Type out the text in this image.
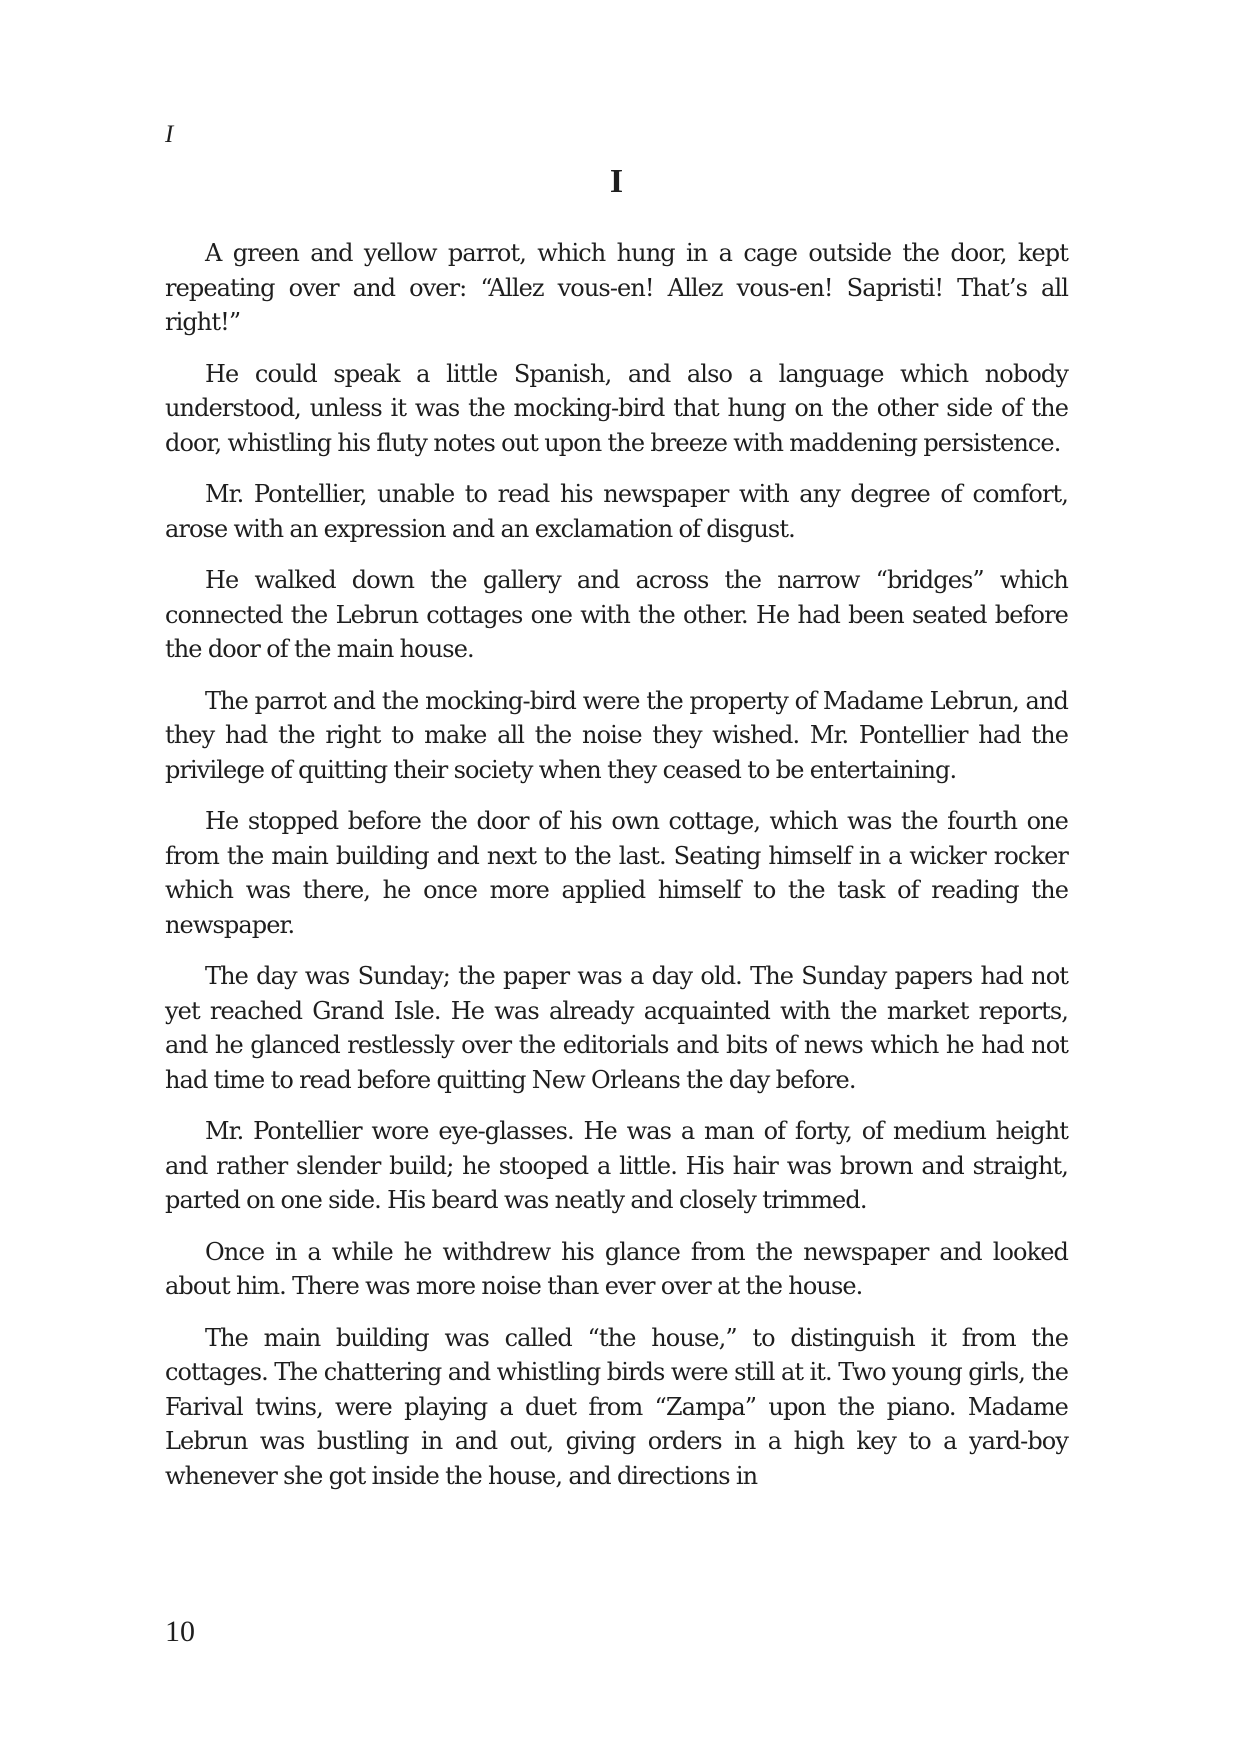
I
I

A green and yellow parrot, which hung in a cage outside the door, kept repeating over and over: “Allez vous-en! Allez vous-en! Sapristi! That’s all right!”

He could speak a little Spanish, and also a language which nobody understood, unless it was the mocking-bird that hung on the other side of the door, whistling his fluty notes out upon the breeze with maddening persistence.

Mr. Pontellier, unable to read his newspaper with any degree of comfort, arose with an expression and an exclamation of disgust.

He walked down the gallery and across the narrow “bridges” which connected the Lebrun cottages one with the other. He had been seated before the door of the main house.

The parrot and the mocking-bird were the property of Madame Lebrun, and they had the right to make all the noise they wished. Mr. Pontellier had the privilege of quitting their society when they ceased to be entertaining.

He stopped before the door of his own cottage, which was the fourth one from the main building and next to the last. Seating himself in a wicker rocker which was there, he once more applied himself to the task of reading the newspaper.

The day was Sunday; the paper was a day old. The Sunday papers had not yet reached Grand Isle. He was already acquainted with the market reports, and he glanced restlessly over the editorials and bits of news which he had not had time to read before quitting New Orleans the day before.

Mr. Pontellier wore eye-glasses. He was a man of forty, of medium height and rather slender build; he stooped a little. His hair was brown and straight, parted on one side. His beard was neatly and closely trimmed.

Once in a while he withdrew his glance from the newspaper and looked about him. There was more noise than ever over at the house.

The main building was called “the house,” to distinguish it from the cottages. The chattering and whistling birds were still at it. Two young girls, the Farival twins, were playing a duet from “Zampa” upon the piano. Madame Lebrun was bustling in and out, giving orders in a high key to a yard-boy whenever she got inside the house, and directions in

10
